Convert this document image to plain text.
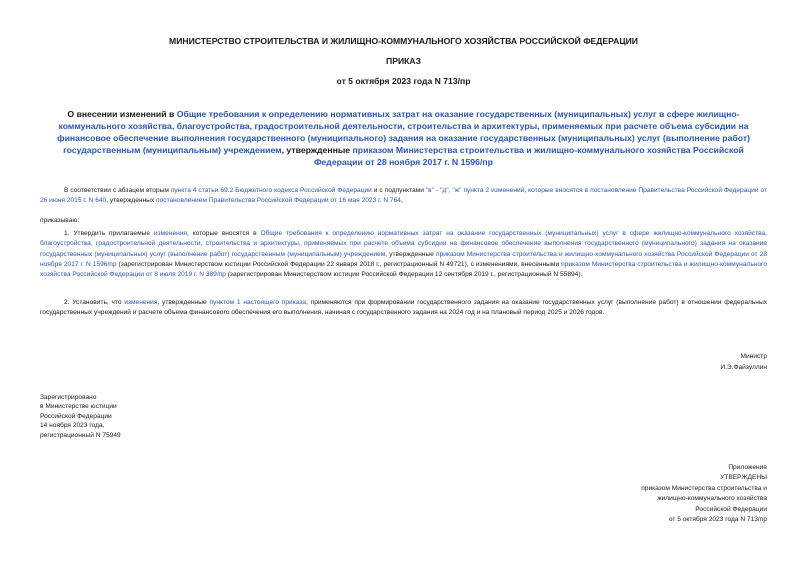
МИНИСТЕРСТВО СТРОИТЕЛЬСТВА И ЖИЛИЩНО-КОММУНАЛЬНОГО ХОЗЯЙСТВА РОССИЙСКОЙ ФЕДЕРАЦИИ
ПРИКАЗ
от 5 октября 2023 года N 713/пр
О внесении изменений в Общие требования к определению нормативных затрат на оказание государственных (муниципальных) услуг в сфере жилищно-коммунального хозяйства, благоустройства, градостроительной деятельности, строительства и архитектуры, применяемых при расчете объема субсидии на финансовое обеспечение выполнения государственного (муниципального) задания на оказание государственных (муниципальных) услуг (выполнение работ) государственным (муниципальным) учреждением, утвержденные приказом Министерства строительства и жилищно-коммунального хозяйства Российской Федерации от 28 ноября 2017 г. N 1596/пр
В соответствии с абзацем вторым пункта 4 статьи 69.2 Бюджетного кодекса Российской Федерации и с подпунктами "в" - "д", "ж" пункта 2 изменений, которые вносятся в постановление Правительства Российской Федерации от 26 июня 2015 г. N 640, утвержденных постановлением Правительства Российской Федерации от 16 мая 2023 г. N 764,
приказываю:
1. Утвердить прилагаемые изменения, которые вносятся в Общие требования к определению нормативных затрат на оказание государственных (муниципальных) услуг в сфере жилищно-коммунального хозяйства, благоустройства, градостроительной деятельности, строительства и архитектуры, применяемых при расчете объема субсидии на финансовое обеспечение выполнения государственного (муниципального) задания на оказание государственных (муниципальных) услуг (выполнение работ) государственным (муниципальным) учреждением, утвержденные приказом Министерства строительства и жилищно-коммунального хозяйства Российской Федерации от 28 ноября 2017 г. N 1596/пр (зарегистрирован Министерством юстиции Российской Федерации 22 января 2018 г., регистрационный N 49721), с изменениями, внесенными приказом Министерства строительства и жилищно-коммунального хозяйства Российской Федерации от 8 июля 2019 г. N 389/пр (зарегистрирован Министерством юстиции Российской Федерации 12 сентября 2019 г., регистрационный N 55894).
2. Установить, что изменения, утвержденные пунктом 1 настоящего приказа, применяются при формировании государственного задания на оказание государственных услуг (выполнение работ) в отношении федеральных государственных учреждений и расчете объема финансового обеспечения его выполнения, начиная с государственного задания на 2024 год и на плановый период 2025 и 2026 годов.
Министр
И.Э.Файзуллин
Зарегистрировано
в Министерстве юстиции
Российской Федерации
14 ноября 2023 года,
регистрационный N 75949
Приложение
УТВЕРЖДЕНЫ
приказом Министерства строительства и
жилищно-коммунального хозяйства
Российской Федерации
от 5 октября 2023 года N 713/пр
